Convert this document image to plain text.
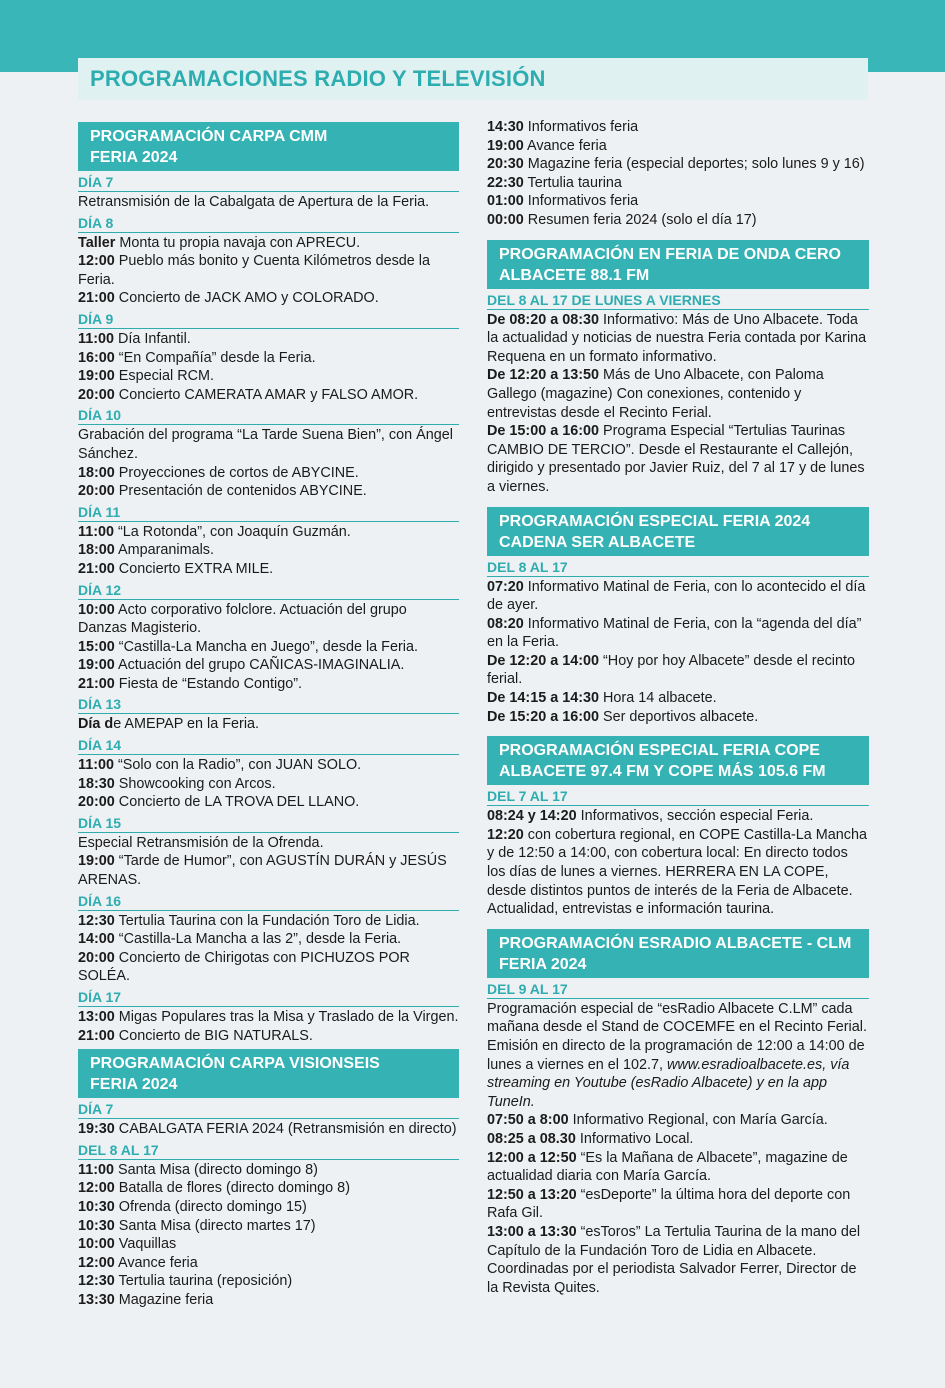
PROGRAMACIONES RADIO Y TELEVISIÓN
PROGRAMACIÓN CARPA CMM
FERIA 2024
DÍA 7
Retransmisión de la Cabalgata de Apertura de la Feria.
DÍA 8
Taller Monta tu propia navaja con APRECU.
12:00 Pueblo más bonito y Cuenta Kilómetros desde la Feria.
21:00 Concierto de JACK AMO y COLORADO.
DÍA 9
11:00 Día Infantil.
16:00 “En Compañía” desde la Feria.
19:00 Especial RCM.
20:00 Concierto CAMERATA AMAR y FALSO AMOR.
DÍA 10
Grabación del programa “La Tarde Suena Bien”, con Ángel Sánchez.
18:00 Proyecciones de cortos de ABYCINE.
20:00 Presentación de contenidos ABYCINE.
DÍA 11
11:00 “La Rotonda”, con Joaquín Guzmán.
18:00 Amparanimals.
21:00 Concierto EXTRA MILE.
DÍA 12
10:00 Acto corporativo folclore. Actuación del grupo Danzas Magisterio.
15:00 “Castilla-La Mancha en Juego”, desde la Feria.
19:00 Actuación del grupo CAÑICAS-IMAGINALIA.
21:00 Fiesta de “Estando Contigo”.
DÍA 13
Día de AMEPAP en la Feria.
DÍA 14
11:00 “Solo con la Radio”, con JUAN SOLO.
18:30 Showcooking con Arcos.
20:00 Concierto de LA TROVA DEL LLANO.
DÍA 15
Especial Retransmisión de la Ofrenda.
19:00 “Tarde de Humor”, con AGUSTÍN DURÁN y JESÚS ARENAS.
DÍA 16
12:30 Tertulia Taurina con la Fundación Toro de Lidia.
14:00 “Castilla-La Mancha a las 2”, desde la Feria.
20:00 Concierto de Chirigotas con PICHUZOS POR SOLÉA.
DÍA 17
13:00 Migas Populares tras la Misa y Traslado de la Virgen.
21:00 Concierto de BIG NATURALS.
PROGRAMACIÓN CARPA VISIONSEIS
FERIA 2024
DÍA 7
19:30 CABALGATA FERIA 2024 (Retransmisión en directo)
DEL 8 AL 17
11:00 Santa Misa (directo domingo 8)
12:00 Batalla de flores (directo domingo 8)
10:30 Ofrenda (directo domingo 15)
10:30 Santa Misa (directo martes 17)
10:00 Vaquillas
12:00 Avance feria
12:30 Tertulia taurina (reposición)
13:30 Magazine feria
14:30 Informativos feria
19:00 Avance feria
20:30 Magazine feria (especial deportes; solo lunes 9 y 16)
22:30 Tertulia taurina
01:00 Informativos feria
00:00 Resumen feria 2024 (solo el día 17)
PROGRAMACIÓN EN FERIA DE ONDA CERO
ALBACETE 88.1 FM
DEL 8 AL 17 DE LUNES A VIERNES
De 08:20 a 08:30 Informativo: Más de Uno Albacete. Toda la actualidad y noticias de nuestra Feria contada por Karina Requena en un formato informativo.
De 12:20 a 13:50 Más de Uno Albacete, con Paloma Gallego (magazine) Con conexiones, contenido y entrevistas desde el Recinto Ferial.
De 15:00 a 16:00 Programa Especial “Tertulias Taurinas CAMBIO DE TERCIO”. Desde el Restaurante el Callejón, dirigido y presentado por Javier Ruiz, del 7 al 17 y de lunes a viernes.
PROGRAMACIÓN ESPECIAL FERIA 2024
CADENA SER ALBACETE
DEL 8 AL 17
07:20 Informativo Matinal de Feria, con lo acontecido el día de ayer.
08:20 Informativo Matinal de Feria, con la “agenda del día” en la Feria.
De 12:20 a 14:00 “Hoy por hoy Albacete” desde el recinto ferial.
De 14:15 a 14:30 Hora 14 albacete.
De 15:20 a 16:00 Ser deportivos albacete.
PROGRAMACIÓN ESPECIAL FERIA COPE
ALBACETE 97.4 FM Y COPE MÁS 105.6 FM
DEL 7 AL 17
08:24 y 14:20 Informativos, sección especial Feria.
12:20 con cobertura regional, en COPE Castilla-La Mancha y de 12:50 a 14:00, con cobertura local: En directo todos los días de lunes a viernes. HERRERA EN LA COPE, desde distintos puntos de interés de la Feria de Albacete. Actualidad, entrevistas e información taurina.
PROGRAMACIÓN ESRADIO ALBACETE - CLM
FERIA 2024
DEL 9 AL 17
Programación especial de “esRadio Albacete C.LM” cada mañana desde el Stand de COCEMFE en el Recinto Ferial. Emisión en directo de la programación de 12:00 a 14:00 de lunes a viernes en el 102.7, www.esradioalbacete.es, vía streaming en Youtube (esRadio Albacete) y en la app TuneIn.
07:50 a 8:00 Informativo Regional, con María García.
08:25 a 08.30 Informativo Local.
12:00 a 12:50 “Es la Mañana de Albacete”, magazine de actualidad diaria con María García.
12:50 a 13:20 “esDeporte” la última hora del deporte con Rafa Gil.
13:00 a 13:30 “esToros” La Tertulia Taurina de la mano del Capítulo de la Fundación Toro de Lidia en Albacete. Coordinadas por el periodista Salvador Ferrer, Director de la Revista Quites.
